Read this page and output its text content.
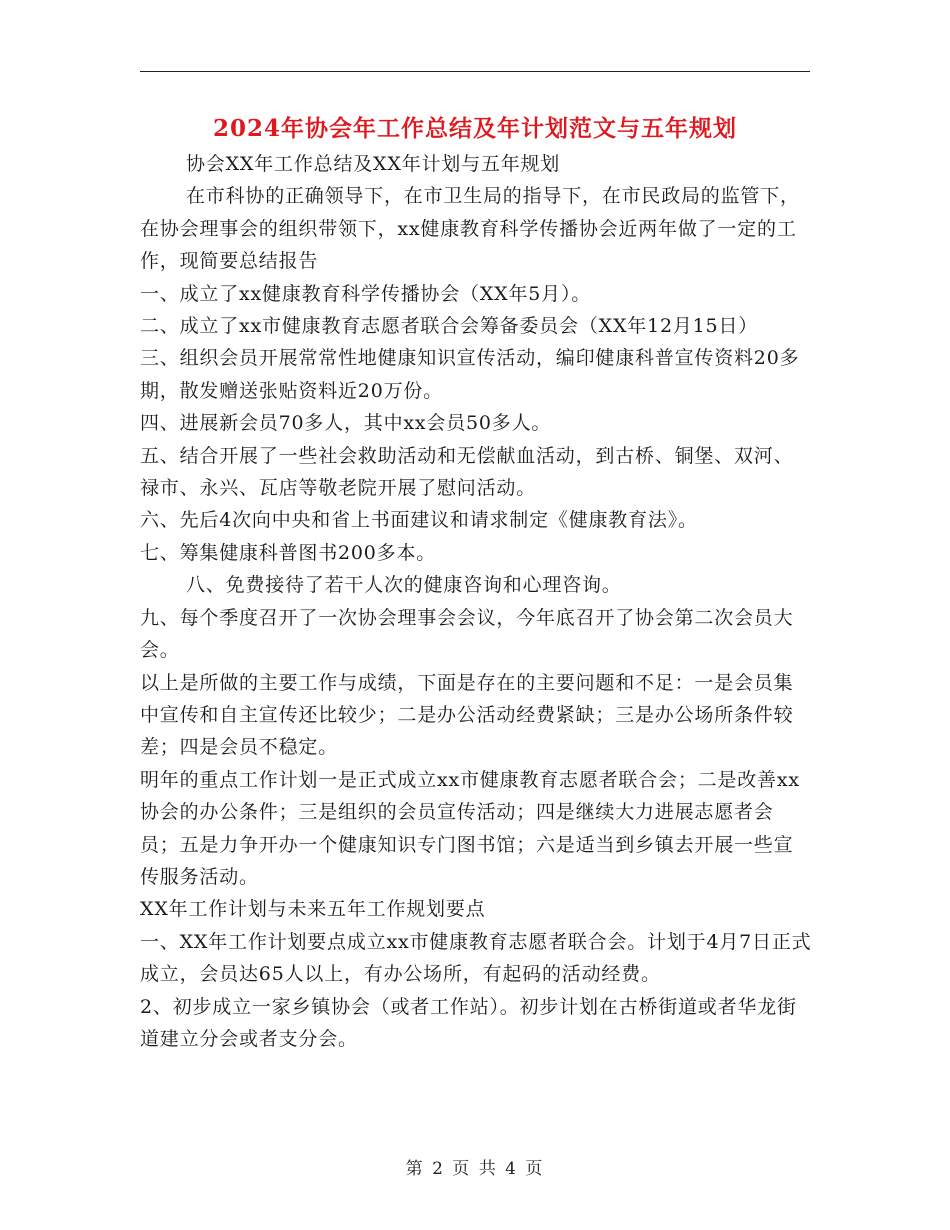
2024年协会年工作总结及年计划范文与五年规划

协会XX年工作总结及XX年计划与五年规划

在市科协的正确领导下，在市卫生局的指导下，在市民政局的监管下，在协会理事会的组织带领下，xx健康教育科学传播协会近两年做了一定的工作，现简要总结报告

一、成立了xx健康教育科学传播协会（XX年5月）。

二、成立了xx市健康教育志愿者联合会筹备委员会（XX年12月15日）

三、组织会员开展常常性地健康知识宣传活动，编印健康科普宣传资料20多期，散发赠送张贴资料近20万份。

四、进展新会员70多人，其中xx会员50多人。

五、结合开展了一些社会救助活动和无偿献血活动，到古桥、铜堡、双河、禄市、永兴、瓦店等敬老院开展了慰问活动。

六、先后4次向中央和省上书面建议和请求制定《健康教育法》。

七、筹集健康科普图书200多本。

八、免费接待了若干人次的健康咨询和心理咨询。

九、每个季度召开了一次协会理事会会议，今年底召开了协会第二次会员大会。

以上是所做的主要工作与成绩，下面是存在的主要问题和不足：一是会员集中宣传和自主宣传还比较少；二是办公活动经费紧缺；三是办公场所条件较差；四是会员不稳定。

明年的重点工作计划一是正式成立xx市健康教育志愿者联合会；二是改善xx协会的办公条件；三是组织的会员宣传活动；四是继续大力进展志愿者会员；五是力争开办一个健康知识专门图书馆；六是适当到乡镇去开展一些宣传服务活动。

XX年工作计划与未来五年工作规划要点

一、XX年工作计划要点成立xx市健康教育志愿者联合会。计划于4月7日正式成立，会员达65人以上，有办公场所，有起码的活动经费。

2、初步成立一家乡镇协会（或者工作站）。初步计划在古桥街道或者华龙街道建立分会或者支分会。

第 2 页 共 4 页
